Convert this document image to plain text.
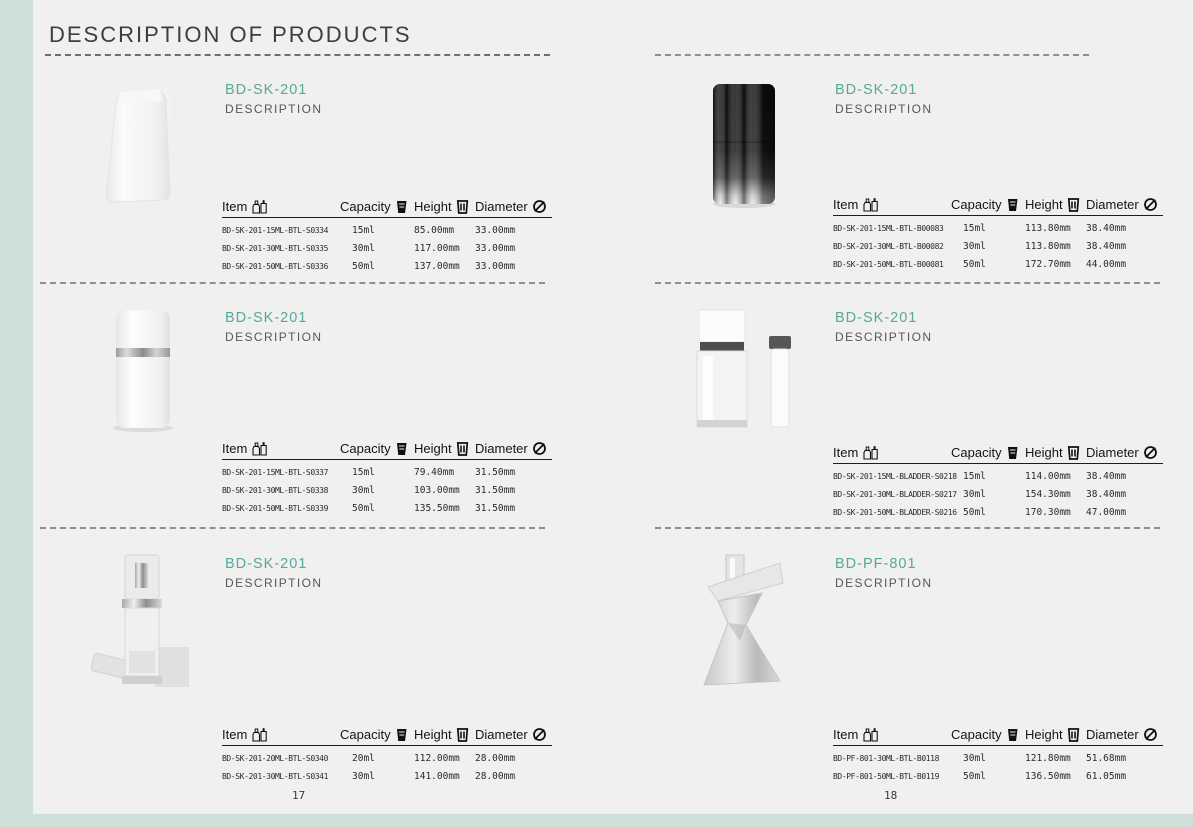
DESCRIPTION OF PRODUCTS
BD-SK-201
DESCRIPTION
BD-SK-201
DESCRIPTION
BD-SK-201
DESCRIPTION
BD-SK-201
DESCRIPTION
BD-SK-201
DESCRIPTION
BD-PF-801
DESCRIPTION
Item	Capacity Height Diameter
BD-SK-201-15ML-BTL-S0334	15ml	85.00mm	33.00mm
BD-SK-201-30ML-BTL-S0335	30ml	117.00mm	33.00mm
BD-SK-201-50ML-BTL-S0336	50ml	137.00mm	33.00mm
Item	Capacity Height Diameter
BD-SK-201-15ML-BTL-S0337	15ml	79.40mm	31.50mm
BD-SK-201-30ML-BTL-S0338	30ml	103.00mm	31.50mm
BD-SK-201-50ML-BTL-S0339	50ml	135.50mm	31.50mm
Item	Capacity Height Diameter
BD-SK-201-20ML-BTL-S0340	20ml	112.00mm	28.00mm
BD-SK-201-30ML-BTL-S0341	30ml	141.00mm	28.00mm
Item	Capacity Height Diameter
BD-SK-201-15ML-BTL-B00083	15ml	113.80mm	38.40mm
BD-SK-201-30ML-BTL-B00082	30ml	113.80mm	38.40mm
BD-SK-201-50ML-BTL-B00081	50ml	172.70mm	44.00mm
Item	Capacity Height Diameter
BD-SK-201-15ML-BLADDER-S0218 15ml	114.00mm	38.40mm
BD-SK-201-30ML-BLADDER-S0217 30ml	154.30mm	38.40mm
BD-SK-201-50ML-BLADDER-S0216 50ml	170.30mm	47.00mm
Item	Capacity Height Diameter
BD-PF-801-30ML-BTL-B0118	30ml	121.80mm	51.68mm
BD-PF-801-50ML-BTL-B0119	50ml	136.50mm	61.05mm
17	18
